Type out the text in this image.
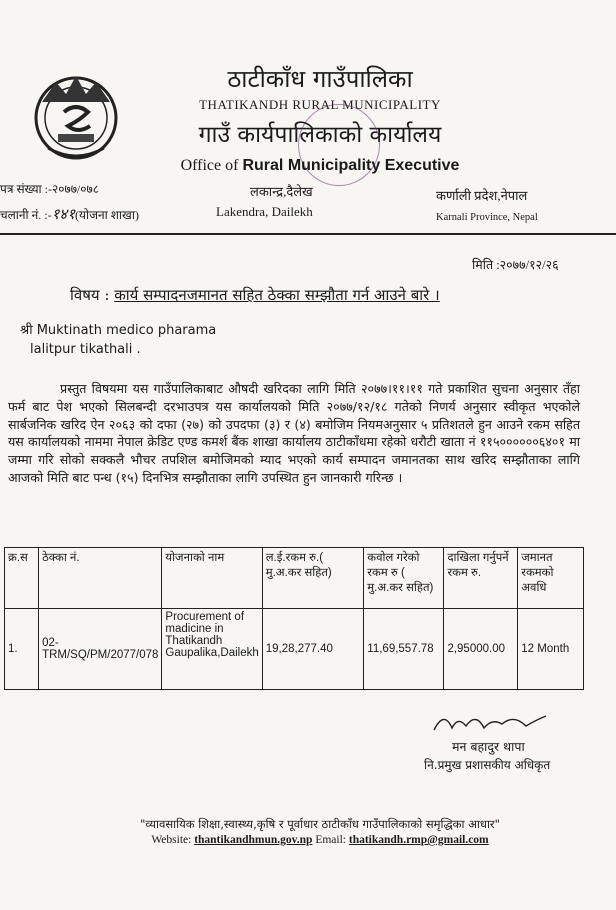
ठाटीकाँध गाउँपालिका
THATIKANDH RURAL MUNICIPALITY
गाउँ कार्यपालिकाको कार्यालय
Office of Rural Municipality Executive
पत्र संख्या :-२०७७/०७८
चलानी नं. :-१४१(योजना शाखा)
लकान्द्र,दैलेख
Lakendra, Dailekh
कर्णाली प्रदेश,नेपाल
Karnali Province, Nepal
मिति :२०७७/१२/२६
विषय : कार्य सम्पादनजमानत सहित ठेक्का सम्झौता गर्न आउने बारे ।
श्री Muktinath medico pharama
lalitpur tikathali .
प्रस्तुत विषयमा यस गाउँपालिकाबाट औषदी खरिदका लागि मिति २०७७।११।११ गते प्रकाशित सुचना अनुसार तँहा फर्म बाट पेश भएको सिलबन्दी दरभाउपत्र यस कार्यालयको मिति २०७७/१२/१८ गतेको निणर्य अनुसार स्वीकृत भएकोले सार्बजनिक खरिद ऐन २०६३ को दफा (२७) को उपदफा (३) र (४) बमोजिम नियमअनुसार ५ प्रतिशतले हुन आउने रकम सहित यस कार्यालयको नाममा नेपाल क्रेडिट एण्ड कमर्श बैंक शाखा कार्यालय ठाटीकाँधमा रहेको धरौटी खाता नं ११५००००००६४०१ मा जम्मा गरि सोको सक्कलै भौचर तपशिल बमोजिमको म्याद भएको कार्य सम्पादन जमानतका साथ खरिद सम्झौताका लागि आजको मिति बाट पन्ध (१५) दिनभित्र सम्झौताका लागि उपस्थित हुन जानकारी गरिन्छ ।
क्र.स	ठेक्का नं.	योजनाको नाम	ल.ई.रकम रु.( मु.अ.कर सहित)	कवोल गरेको रकम रु ( मु.अ.कर सहित)	दाखिला गर्नुपर्ने रकम रु.	जमानत रकमको अवधि
1.	02-TRM/SQ/PM/2077/078	Procurement of madicine in Thatikandh Gaupalika,Dailekh	19,28,277.40	11,69,557.78	2,95000.00	12 Month
मन बहादुर थापा
नि.प्रमुख प्रशासकीय अधिकृत
"व्यावसायिक शिक्षा,स्वास्थ्य,कृषि र पूर्वाधार ठाटीकाँध गाउँपालिकाको समृद्धिका आधार"
Website: thantikandhmun.gov.np Email: thatikandh.rmp@gmail.com
